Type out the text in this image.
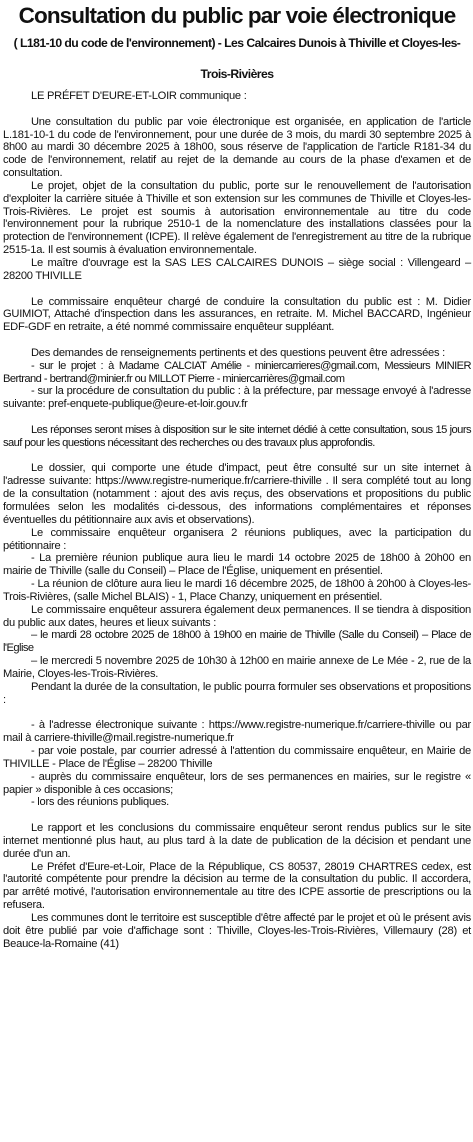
Consultation du public par voie électronique
( L181-10 du code de l'environnement) - Les Calcaires Dunois à Thiville et Cloyes-les-Trois-Rivières

LE PRÉFET D'EURE-ET-LOIR communique :

Une consultation du public par voie électronique est organisée, en application de l'article L.181-10-1 du code de l'environnement, pour une durée de 3 mois, du mardi 30 septembre 2025 à 8h00 au mardi 30 décembre 2025 à 18h00, sous réserve de l'application de l'article R181-34 du code de l'environnement, relatif au rejet de la demande au cours de la phase d'examen et de consultation.

Le projet, objet de la consultation du public, porte sur le renouvellement de l'autorisation d'exploiter la carrière située à Thiville et son extension sur les communes de Thiville et Cloyes-les-Trois-Rivières. Le projet est soumis à autorisation environnementale au titre du code l'environnement pour la rubrique 2510-1 de la nomenclature des installations classées pour la protection de l'environnement (ICPE). Il relève également de l'enregistrement au titre de la rubrique 2515-1a. Il est soumis à évaluation environnementale.

Le maître d'ouvrage est la SAS LES CALCAIRES DUNOIS – siège social : Villengeard – 28200 THIVILLE

Le commissaire enquêteur chargé de conduire la consultation du public est : M. Didier GUIMIOT, Attaché d'inspection dans les assurances, en retraite. M. Michel BACCARD, Ingénieur EDF-GDF en retraite, a été nommé commissaire enquêteur suppléant.

Des demandes de renseignements pertinents et des questions peuvent être adressées :

- sur le projet : à Madame CALCIAT Amélie - miniercarrieres@gmail.com, Messieurs MINIER Bertrand - bertrand@minier.fr ou MILLOT Pierre - miniercarrières@gmail.com

- sur la procédure de consultation du public : à la préfecture, par message envoyé à l'adresse suivante: pref-enquete-publique@eure-et-loir.gouv.fr

Les réponses seront mises à disposition sur le site internet dédié à cette consultation, sous 15 jours sauf pour les questions nécessitant des recherches ou des travaux plus approfondis.

Le dossier, qui comporte une étude d'impact, peut être consulté sur un site internet à l'adresse suivante: https://www.registre-numerique.fr/carriere-thiville . Il sera complété tout au long de la consultation (notamment : ajout des avis reçus, des observations et propositions du public formulées selon les modalités ci-dessous, des informations complémentaires et réponses éventuelles du pétitionnaire aux avis et observations).

Le commissaire enquêteur organisera 2 réunions publiques, avec la participation du pétitionnaire :

- La première réunion publique aura lieu le mardi 14 octobre 2025 de 18h00 à 20h00 en mairie de Thiville (salle du Conseil) – Place de l'Église, uniquement en présentiel.

- La réunion de clôture aura lieu le mardi 16 décembre 2025, de 18h00 à 20h00 à Cloyes-les-Trois-Rivières, (salle Michel BLAIS) - 1, Place Chanzy, uniquement en présentiel.

Le commissaire enquêteur assurera également deux permanences. Il se tiendra à disposition du public aux dates, heures et lieux suivants :

– le mardi 28 octobre 2025 de 18h00 à 19h00 en mairie de Thiville (Salle du Conseil) – Place de l'Eglise

– le mercredi 5 novembre 2025 de 10h30 à 12h00 en mairie annexe de Le Mée - 2, rue de la Mairie, Cloyes-les-Trois-Rivières.

Pendant la durée de la consultation, le public pourra formuler ses observations et propositions :

- à l'adresse électronique suivante : https://www.registre-numerique.fr/carriere-thiville ou par mail à carriere-thiville@mail.registre-numerique.fr

- par voie postale, par courrier adressé à l'attention du commissaire enquêteur, en Mairie de THIVILLE - Place de l'Église – 28200 Thiville

- auprès du commissaire enquêteur, lors de ses permanences en mairies, sur le registre « papier » disponible à ces occasions;

- lors des réunions publiques.

Le rapport et les conclusions du commissaire enquêteur seront rendus publics sur le site internet mentionné plus haut, au plus tard à la date de publication de la décision et pendant une durée d'un an.

Le Préfet d'Eure-et-Loir, Place de la République, CS 80537, 28019 CHARTRES cedex, est l'autorité compétente pour prendre la décision au terme de la consultation du public. Il accordera, par arrêté motivé, l'autorisation environnementale au titre des ICPE assortie de prescriptions ou la refusera.

Les communes dont le territoire est susceptible d'être affecté par le projet et où le présent avis doit être publié par voie d'affichage sont : Thiville, Cloyes-les-Trois-Rivières, Villemaury (28) et Beauce-la-Romaine (41)
